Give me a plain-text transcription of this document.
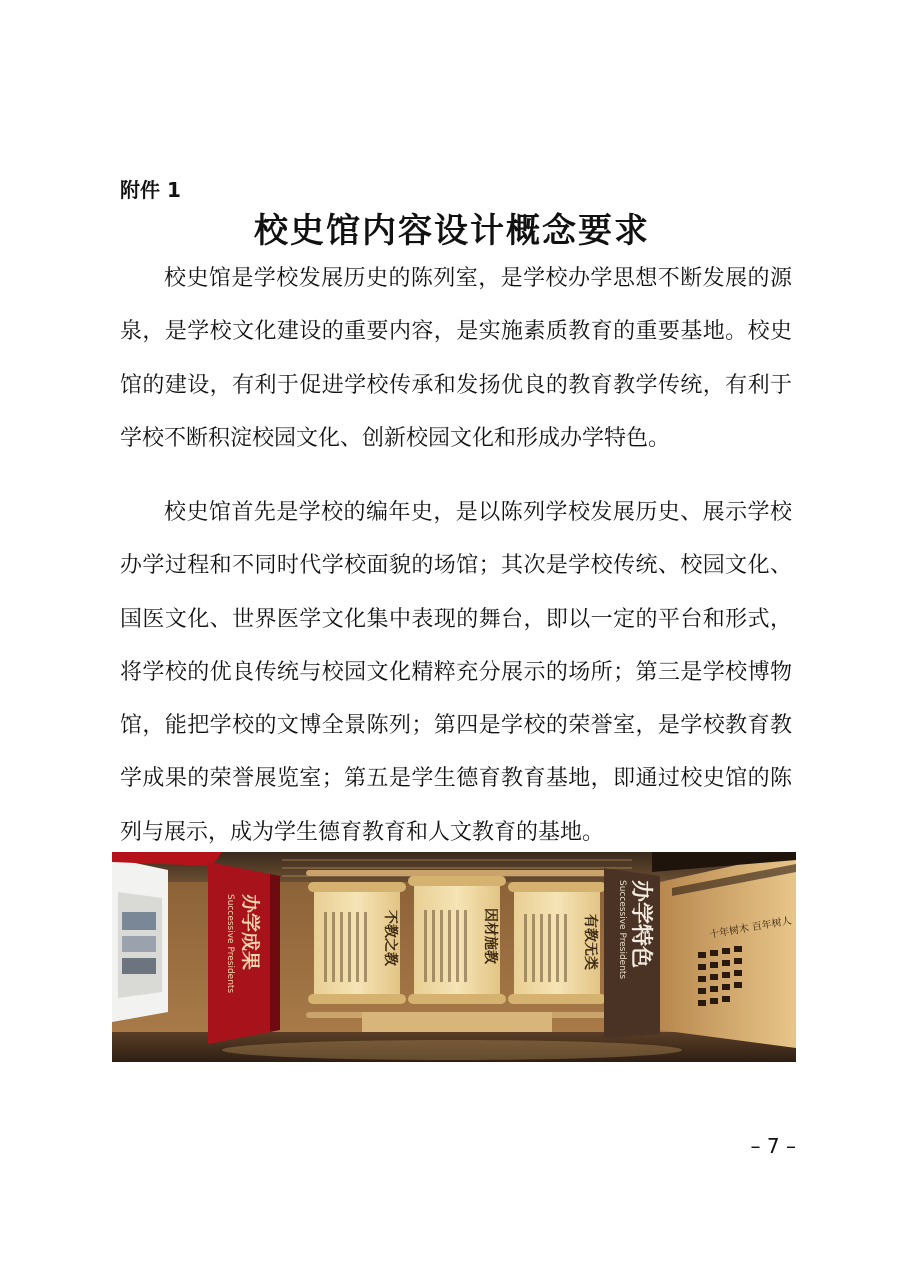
附件 1
校史馆内容设计概念要求

校史馆是学校发展历史的陈列室，是学校办学思想不断发展的源泉，是学校文化建设的重要内容，是实施素质教育的重要基地。校史馆的建设，有利于促进学校传承和发扬优良的教育教学传统，有利于学校不断积淀校园文化、创新校园文化和形成办学特色。

校史馆首先是学校的编年史，是以陈列学校发展历史、展示学校办学过程和不同时代学校面貌的场馆；其次是学校传统、校园文化、国医文化、世界医学文化集中表现的舞台，即以一定的平台和形式，将学校的优良传统与校园文化精粹充分展示的场所；第三是学校博物馆，能把学校的文博全景陈列；第四是学校的荣誉室，是学校教育教学成果的荣誉展览室；第五是学生德育教育基地，即通过校史馆的陈列与展示，成为学生德育教育和人文教育的基地。

办学成果
Successive Presidents	不教之教	因材施教	有教无类 办学特色
Successive Presidents	十年树木 百年树人
– 7 –
